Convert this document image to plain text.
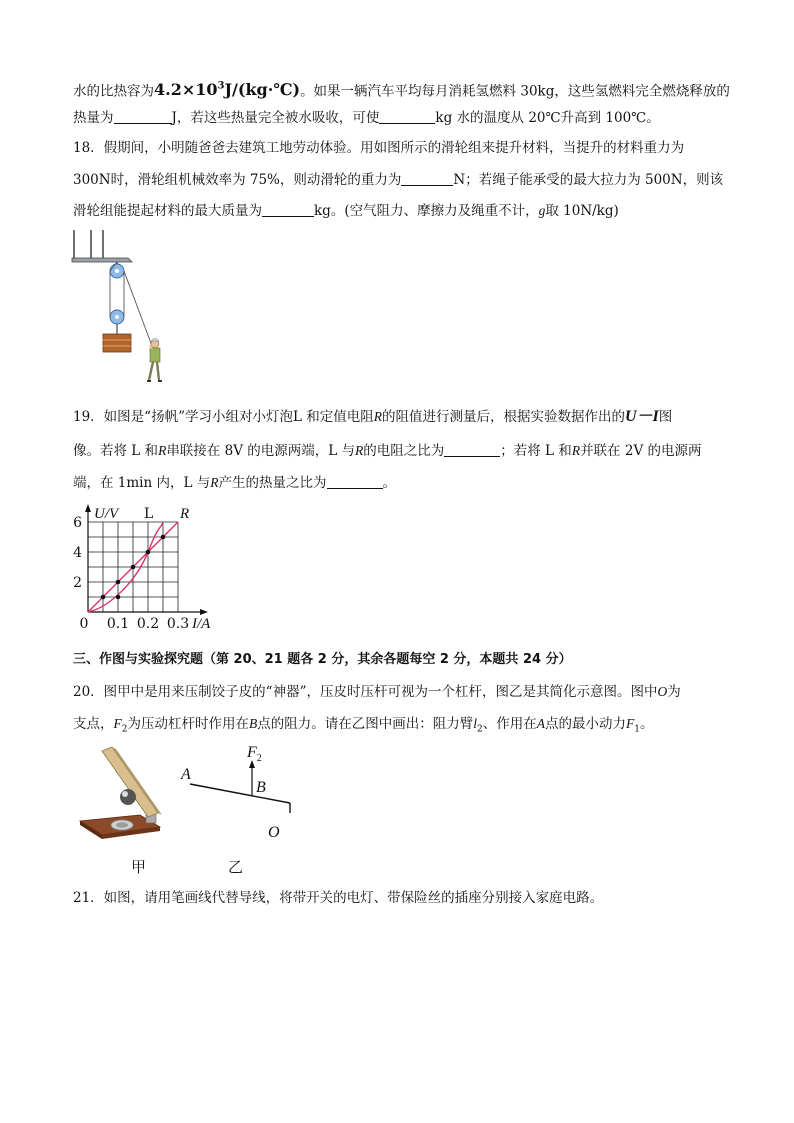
水的比热容为$4.2\times 10^3J/(kg\cdot℃)$。如果一辆汽车平均每月消耗氢燃料 30kg，这些氢燃料完全燃烧释放的
热量为	J，若这些热量完全被水吸收，可使	kg 水的温度从 20℃升高到 100℃。
18．假期间，小明随爸爸去建筑工地劳动体验。用如图所示的滑轮组来提升材料，当提升的材料重力为
300N时，滑轮组机械效率为 75%，则动滑轮的重力为	N；若绳子能承受的最大拉力为 500N，则该
滑轮组能提起材料的最大质量为	kg。(空气阻力、摩擦力及绳重不计，g取 10N/kg)
19．如图是“扬帆”学习小组对小灯泡L 和定值电阻R的阻值进行测量后，根据实验数据作出的U－I图
像。若将 L 和R串联接在 8V 的电源两端，L 与R的电阻之比为	；若将 L 和R并联在 2V 的电源两
端，在 1min 内，L 与R产生的热量之比为	。
0 0.1 0.2 0.3
2
4
6
U/V
I/A
L R
三、作图与实验探究题（第 20、21 题各 2 分，其余各题每空 2 分，本题共 24 分）
20．图甲中是用来压制饺子皮的“神器”，压皮时压杆可视为一个杠杆，图乙是其简化示意图。图中O为
支点，$F_2$为压动杠杆时作用在B点的阻力。请在乙图中画出：阻力臂$l_2$、作用在A点的最小动力$F_1$。
甲
A
$F_2$
B
O
乙
21．如图，请用笔画线代替导线，将带开关的电灯、带保险丝的插座分别接入家庭电路。
